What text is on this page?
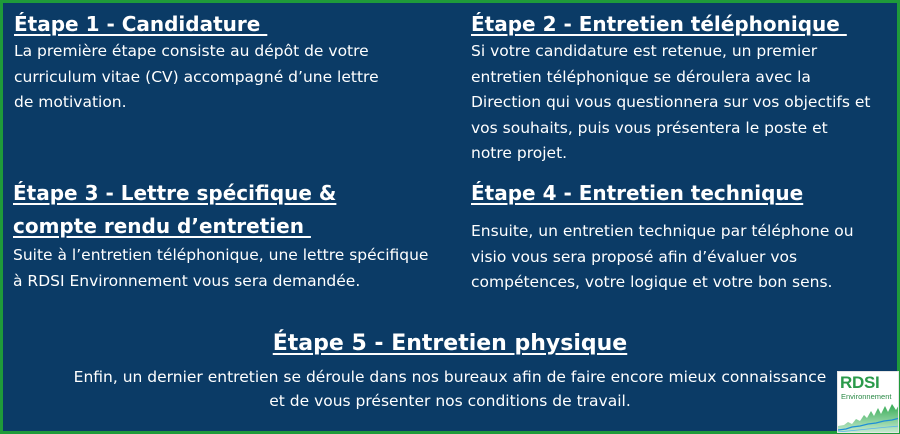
Étape 1 - Candidature

La première étape consiste au dépôt de votre
curriculum vitae (CV) accompagné d’une lettre
de motivation.

Étape 2 - Entretien téléphonique

Si votre candidature est retenue, un premier
entretien téléphonique se déroulera avec la
Direction qui vous questionnera sur vos objectifs et
vos souhaits, puis vous présentera le poste et
notre projet.

Étape 3 - Lettre spécifique &
compte rendu d’entretien

Suite à l’entretien téléphonique, une lettre spécifique
à RDSI Environnement vous sera demandée.

Étape 4 - Entretien technique

Ensuite, un entretien technique par téléphone ou
visio vous sera proposé afin d’évaluer vos
compétences, votre logique et votre bon sens.

Étape 5 - Entretien physique

Enfin, un dernier entretien se déroule dans nos bureaux afin de faire encore mieux connaissance
et de vous présenter nos conditions de travail.

RDSI
Environnement
